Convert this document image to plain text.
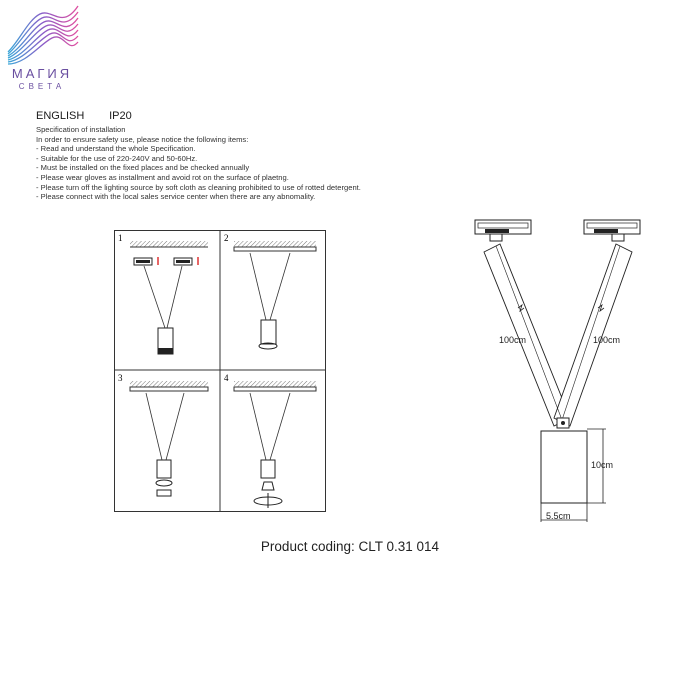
МАГИЯ
СВЕТА
ENGLISH IP20
Specification of installation
In order to ensure safety use, please notice the following items:
- Read and understand the whole Specification.
- Suitable for the use of 220-240V and 50-60Hz.
- Must be installed on the fixed places and be checked annually
- Please wear gloves as installment and avoid rot on the surface of plaetng.
- Please turn off the lighting source by soft cloth as cleaning prohibited to use of rotted detergent.
- Please connect with the local sales service center when there are any abnomality.
1	2
3	4
100cm	100cm
10cm
5.5cm
Product coding: CLT 0.31 014
